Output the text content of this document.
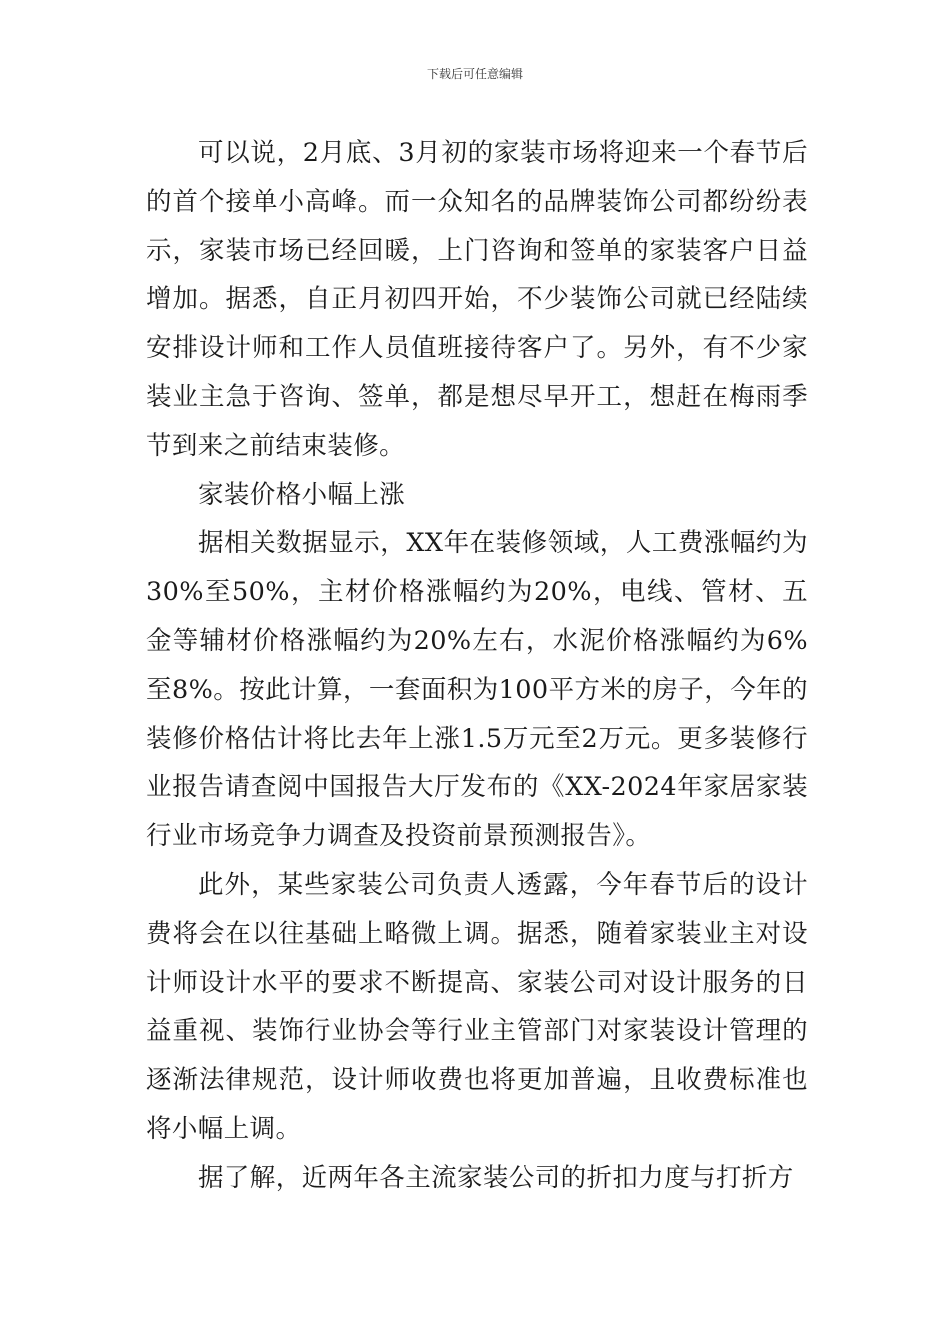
下载后可任意编辑

可以说，2月底、3月初的家装市场将迎来一个春节后的首个接单小高峰。而一众知名的品牌装饰公司都纷纷表示，家装市场已经回暖，上门咨询和签单的家装客户日益增加。据悉，自正月初四开始，不少装饰公司就已经陆续安排设计师和工作人员值班接待客户了。另外，有不少家装业主急于咨询、签单，都是想尽早开工，想赶在梅雨季节到来之前结束装修。

家装价格小幅上涨

据相关数据显示，XX年在装修领域，人工费涨幅约为30%至50%，主材价格涨幅约为20%，电线、管材、五金等辅材价格涨幅约为20%左右，水泥价格涨幅约为6%至8%。按此计算，一套面积为100平方米的房子，今年的装修价格估计将比去年上涨1.5万元至2万元。更多装修行业报告请查阅中国报告大厅发布的《XX-2024年家居家装行业市场竞争力调查及投资前景预测报告》。

此外，某些家装公司负责人透露，今年春节后的设计费将会在以往基础上略微上调。据悉，随着家装业主对设计师设计水平的要求不断提高、家装公司对设计服务的日益重视、装饰行业协会等行业主管部门对家装设计管理的逐渐法律规范，设计师收费也将更加普遍，且收费标准也将小幅上调。

据了解，近两年各主流家装公司的折扣力度与打折方
